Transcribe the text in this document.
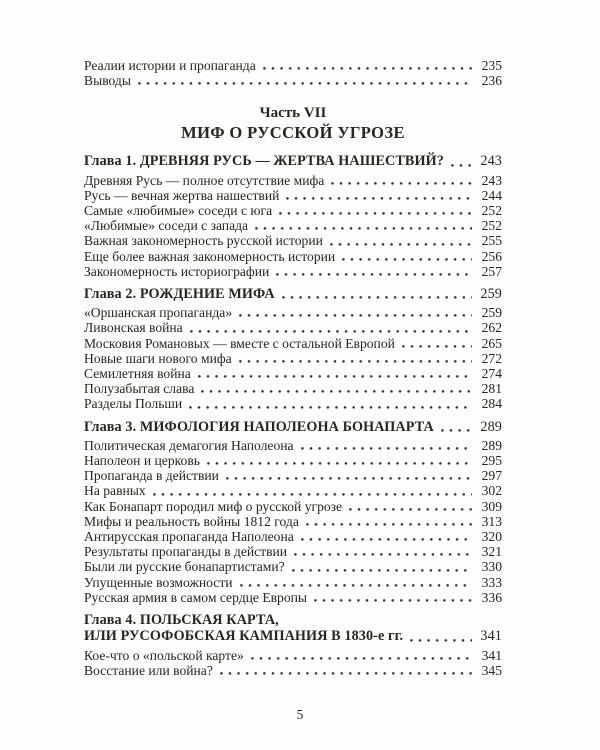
Реалии истории и пропаганда	235
Выводы	236
Часть VII
МИФ О РУССКОЙ УГРОЗЕ
Глава 1. ДРЕВНЯЯ РУСЬ — ЖЕРТВА НАШЕСТВИЙ?	243
Древняя Русь — полное отсутствие мифа	243
Русь — вечная жертва нашествий	244
Самые «любимые» соседи с юга	252
«Любимые» соседи с запада	252
Важная закономерность русской истории	255
Еще более важная закономерность истории	256
Закономерность историографии	257
Глава 2. РОЖДЕНИЕ МИФА	259
«Оршанская пропаганда»	259
Ливонская война	262
Московия Романовых — вместе с остальной Европой	265
Новые шаги нового мифа	272
Семилетняя война	274
Полузабытая слава	281
Разделы Польши	284
Глава 3. МИФОЛОГИЯ НАПОЛЕОНА БОНАПАРТА	289
Политическая демагогия Наполеона	289
Наполеон и церковь	295
Пропаганда в действии	297
На равных	302
Как Бонапарт породил миф о русской угрозе	309
Мифы и реальность войны 1812 года	313
Антирусская пропаганда Наполеона	320
Результаты пропаганды в действии	321
Были ли русские бонапартистами?	330
Упущенные возможности	333
Русская армия в самом сердце Европы	336
Глава 4. ПОЛЬСКАЯ КАРТА,
ИЛИ РУСОФОБСКАЯ КАМПАНИЯ В 1830-е гг.	341
Кое-что о «польской карте»	341
Восстание или война?	345
5
